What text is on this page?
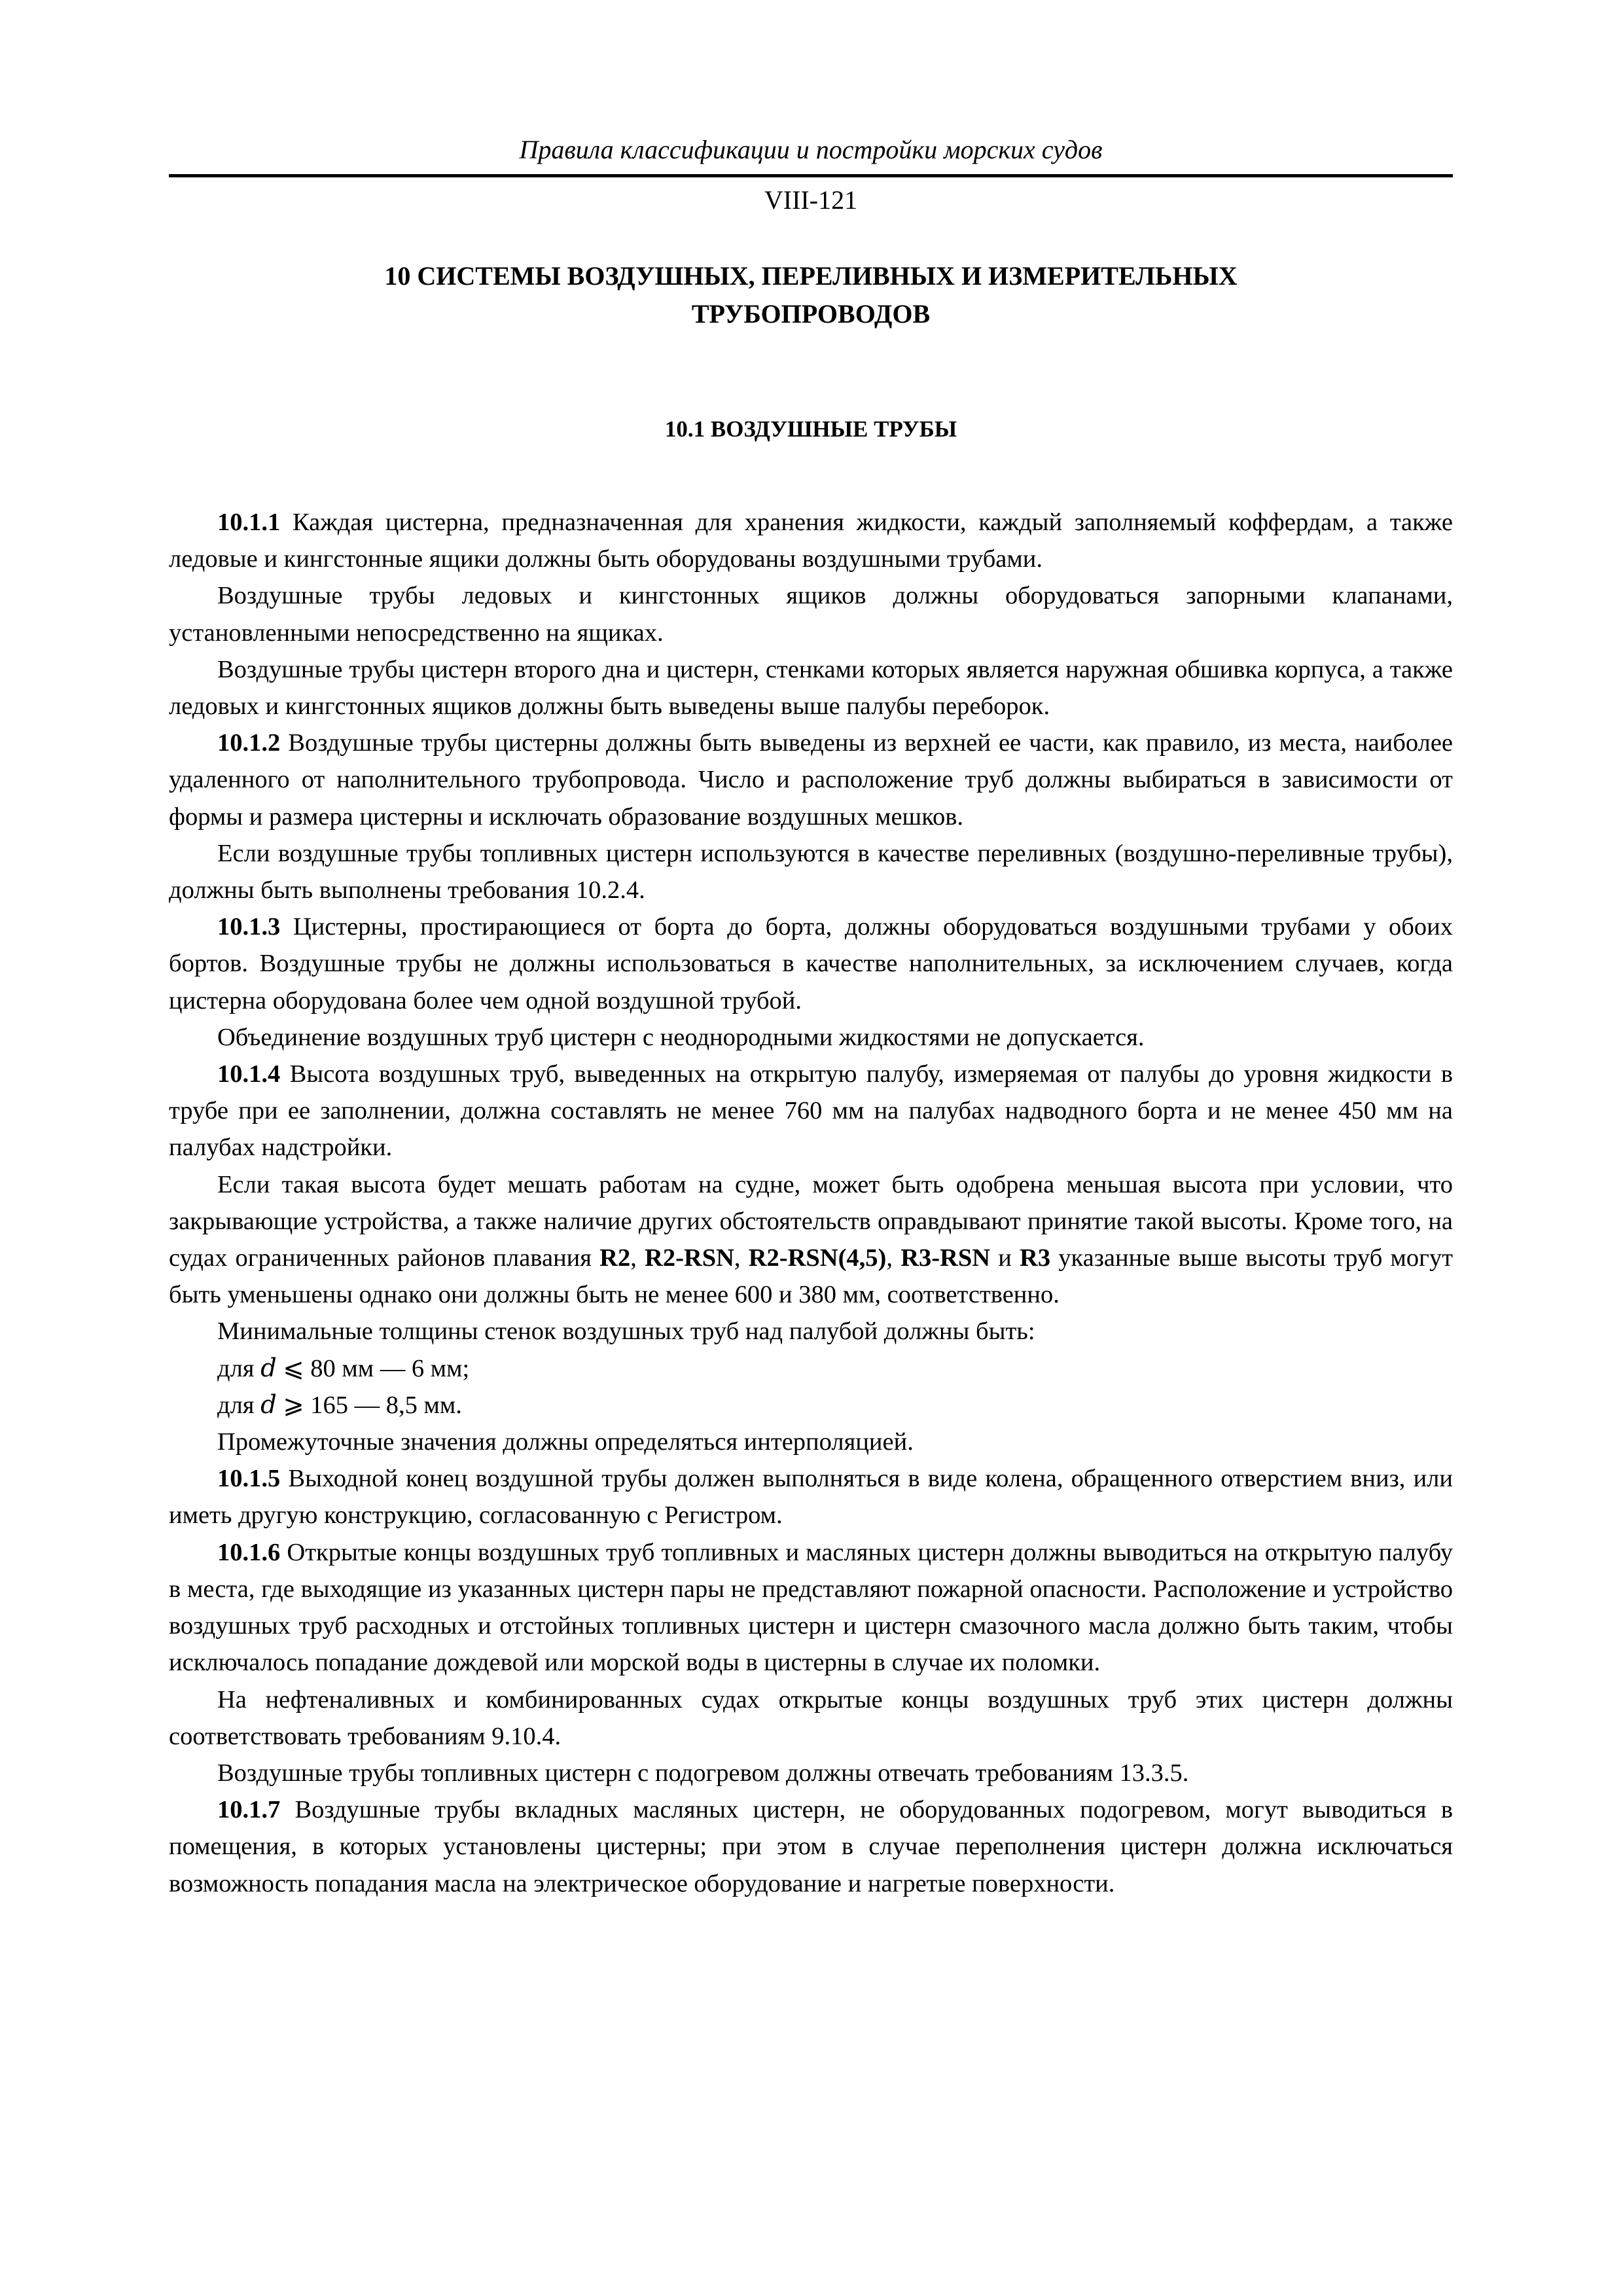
Правила классификации и постройки морских судов
VIII-121
10 СИСТЕМЫ ВОЗДУШНЫХ, ПЕРЕЛИВНЫХ И ИЗМЕРИТЕЛЬНЫХ
ТРУБОПРОВОДОВ
10.1 ВОЗДУШНЫЕ ТРУБЫ

10.1.1 Каждая цистерна, предназначенная для хранения жидкости, каждый заполняемый коффердам, а также ледовые и кингстонные ящики должны быть оборудованы воздушными трубами.

Воздушные трубы ледовых и кингстонных ящиков должны оборудоваться запорными клапанами, установленными непосредственно на ящиках.

Воздушные трубы цистерн второго дна и цистерн, стенками которых является наружная обшивка корпуса, а также ледовых и кингстонных ящиков должны быть выведены выше палубы переборок.

10.1.2 Воздушные трубы цистерны должны быть выведены из верхней ее части, как правило, из места, наиболее удаленного от наполнительного трубопровода. Число и расположение труб должны выбираться в зависимости от формы и размера цистерны и исключать образование воздушных мешков.

Если воздушные трубы топливных цистерн используются в качестве переливных (воздушно-переливные трубы), должны быть выполнены требования 10.2.4.

10.1.3 Цистерны, простирающиеся от борта до борта, должны оборудоваться воздушными трубами у обоих бортов. Воздушные трубы не должны использоваться в качестве наполнительных, за исключением случаев, когда цистерна оборудована более чем одной воздушной трубой.

Объединение воздушных труб цистерн с неоднородными жидкостями не допускается.

10.1.4 Высота воздушных труб, выведенных на открытую палубу, измеряемая от палубы до уровня жидкости в трубе при ее заполнении, должна составлять не менее 760 мм на палубах надводного борта и не менее 450 мм на палубах надстройки.

Если такая высота будет мешать работам на судне, может быть одобрена меньшая высота при условии, что закрывающие устройства, а также наличие других обстоятельств оправдывают принятие такой высоты. Кроме того, на судах ограниченных районов плавания R2, R2-RSN, R2-RSN(4,5), R3-RSN и R3 указанные выше высоты труб могут быть уменьшены однако они должны быть не менее 600 и 380 мм, соответственно.

Минимальные толщины стенок воздушных труб над палубой должны быть:

для d ⩽ 80 мм — 6 мм;

для d ⩾ 165 — 8,5 мм.

Промежуточные значения должны определяться интерполяцией.

10.1.5 Выходной конец воздушной трубы должен выполняться в виде колена, обращенного отверстием вниз, или иметь другую конструкцию, согласованную с Регистром.

10.1.6 Открытые концы воздушных труб топливных и масляных цистерн должны выводиться на открытую палубу в места, где выходящие из указанных цистерн пары не представляют пожарной опасности. Расположение и устройство воздушных труб расходных и отстойных топливных цистерн и цистерн смазочного масла должно быть таким, чтобы исключалось попадание дождевой или морской воды в цистерны в случае их поломки.

На нефтеналивных и комбинированных судах открытые концы воздушных труб этих цистерн должны соответствовать требованиям 9.10.4.

Воздушные трубы топливных цистерн с подогревом должны отвечать требованиям 13.3.5.

10.1.7 Воздушные трубы вкладных масляных цистерн, не оборудованных подогревом, могут выводиться в помещения, в которых установлены цистерны; при этом в случае переполнения цистерн должна исключаться возможность попадания масла на электрическое оборудование и нагретые поверхности.
